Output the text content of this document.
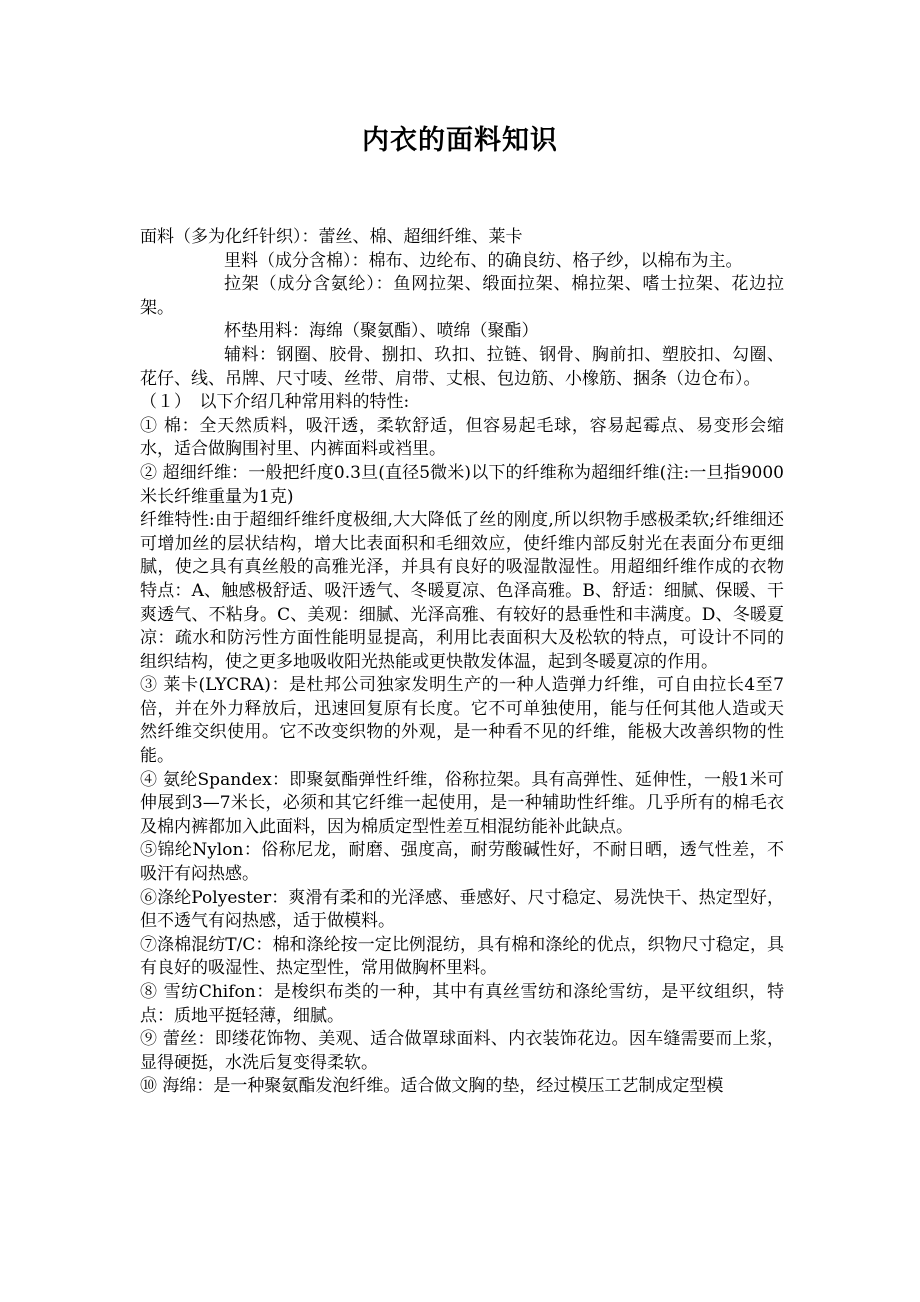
内衣的面料知识

面料（多为化纤针织）：蕾丝、棉、超细纤维、莱卡

里料（成分含棉）：棉布、边纶布、的确良纺、格子纱，以棉布为主。

拉架（成分含氨纶）：鱼网拉架、缎面拉架、棉拉架、嗜士拉架、花边拉架。

杯垫用料：海绵（聚氨酯）、喷绵（聚酯）

辅料：钢圈、胶骨、捌扣、玖扣、拉链、钢骨、胸前扣、塑胶扣、勾圈、花仔、线、吊牌、尺寸唛、丝带、肩带、丈根、包边筋、小橡筋、捆条（边仓布）。

（１）　以下介绍几种常用料的特性:

① 棉：全天然质料，吸汗透，柔软舒适，但容易起毛球，容易起霉点、易变形会缩水，适合做胸围衬里、内裤面料或裆里。

② 超细纤维：一般把纤度0.3旦(直径5微米)以下的纤维称为超细纤维(注:一旦指9000米长纤维重量为1克)

纤维特性:由于超细纤维纤度极细,大大降低了丝的刚度,所以织物手感极柔软;纤维细还可增加丝的层状结构，增大比表面积和毛细效应，使纤维内部反射光在表面分布更细腻，使之具有真丝般的高雅光泽，并具有良好的吸湿散湿性。用超细纤维作成的衣物特点：A、触感极舒适、吸汗透气、冬暖夏凉、色泽高雅。B、舒适：细腻、保暖、干爽透气、不粘身。C、美观：细腻、光泽高雅、有较好的悬垂性和丰满度。D、冬暖夏凉：疏水和防污性方面性能明显提高，利用比表面积大及松软的特点，可设计不同的组织结构，使之更多地吸收阳光热能或更快散发体温，起到冬暖夏凉的作用。

③ 莱卡(LYCRA)：是杜邦公司独家发明生产的一种人造弹力纤维，可自由拉长4至7倍，并在外力释放后，迅速回复原有长度。它不可单独使用，能与任何其他人造或天然纤维交织使用。它不改变织物的外观，是一种看不见的纤维，能极大改善织物的性能。

④ 氨纶Spandex：即聚氨酯弹性纤维，俗称拉架。具有高弹性、延伸性，一般1米可伸展到3—7米长，必须和其它纤维一起使用，是一种辅助性纤维。几乎所有的棉毛衣及棉内裤都加入此面料，因为棉质定型性差互相混纺能补此缺点。

⑤锦纶Nylon：俗称尼龙，耐磨、强度高，耐劳酸碱性好，不耐日晒，透气性差，不吸汗有闷热感。

⑥涤纶Polyester：爽滑有柔和的光泽感、垂感好、尺寸稳定、易洗快干、热定型好，但不透气有闷热感，适于做模料。

⑦涤棉混纺T/C：棉和涤纶按一定比例混纺，具有棉和涤纶的优点，织物尺寸稳定，具有良好的吸湿性、热定型性，常用做胸杯里料。

⑧ 雪纺Chifon：是梭织布类的一种，其中有真丝雪纺和涤纶雪纺，是平纹组织，特点：质地平挺轻薄，细腻。

⑨ 蕾丝：即缕花饰物、美观、适合做罩球面料、内衣装饰花边。因车缝需要而上浆，显得硬挺，水洗后复变得柔软。

⑩ 海绵：是一种聚氨酯发泡纤维。适合做文胸的垫，经过模压工艺制成定型模
